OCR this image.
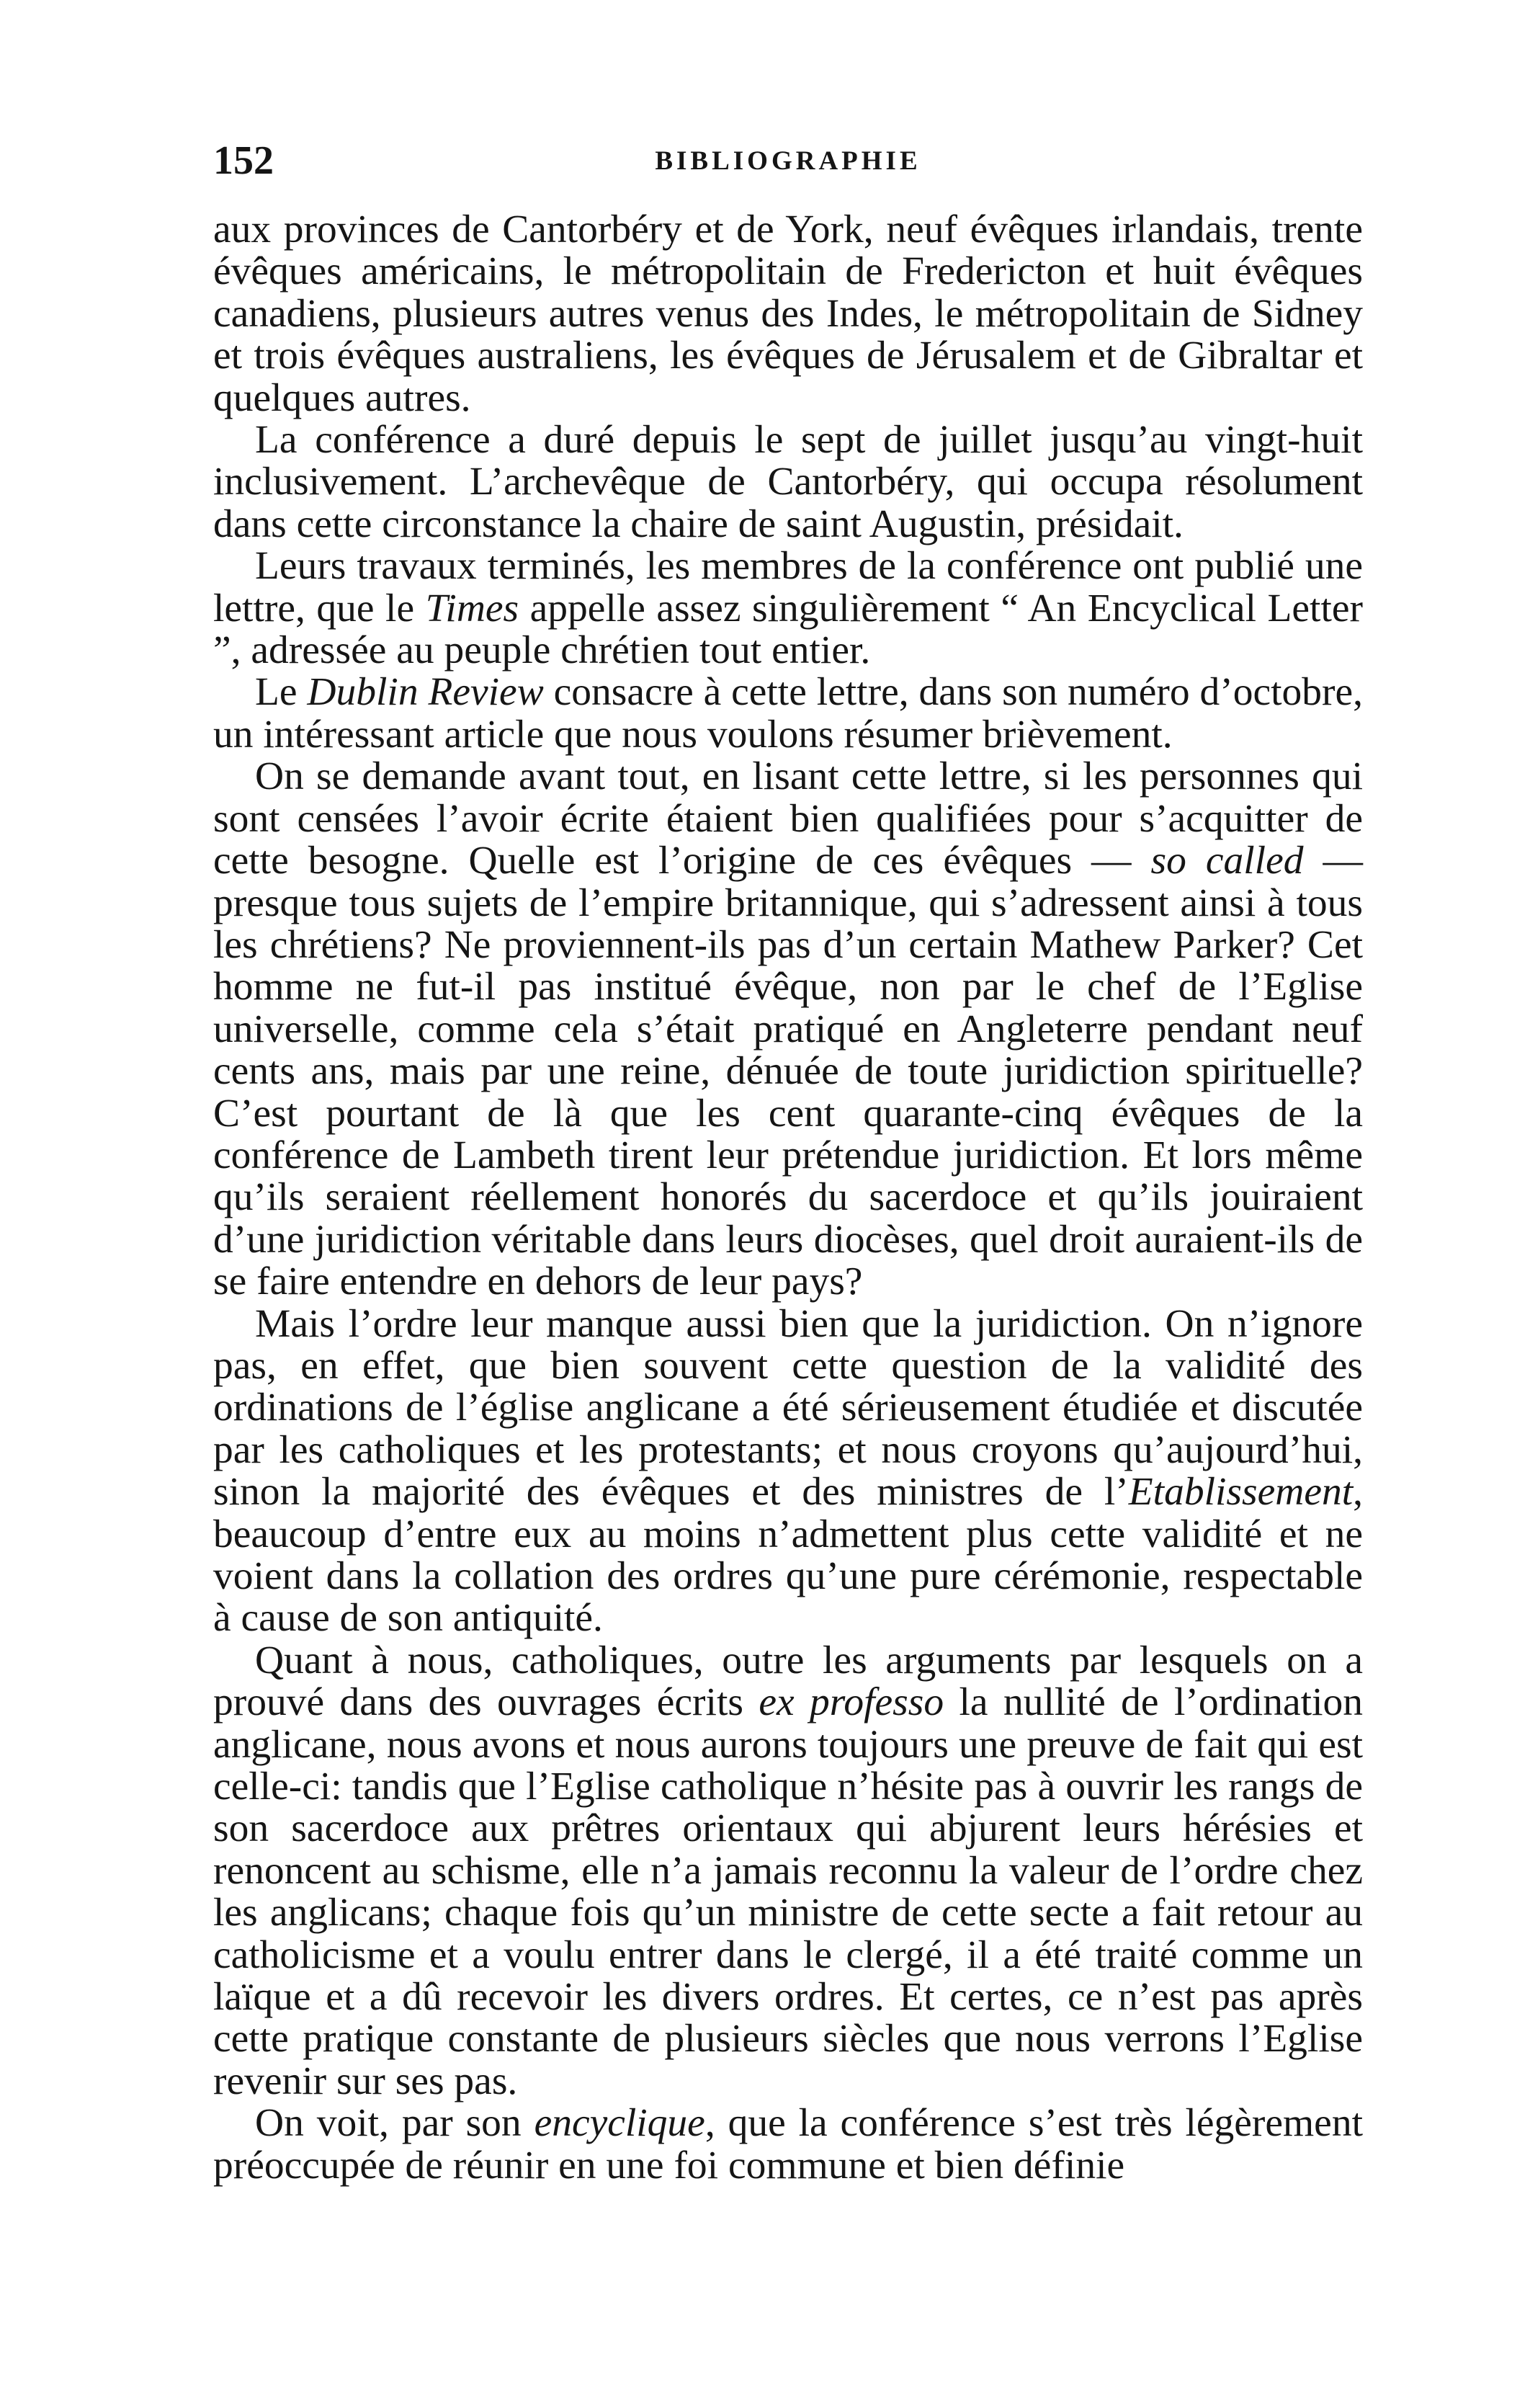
152	BIBLIOGRAPHIE

aux provinces de Cantorbéry et de York, neuf évêques irlandais, trente évêques américains, le métropolitain de Fredericton et huit évêques canadiens, plusieurs autres venus des Indes, le métropolitain de Sidney et trois évêques australiens, les évêques de Jérusalem et de Gibraltar et quelques autres.

La conférence a duré depuis le sept de juillet jusqu’au vingt-huit inclusivement. L’archevêque de Cantorbéry, qui occupa résolument dans cette circonstance la chaire de saint Augustin, présidait.

Leurs travaux terminés, les membres de la conférence ont publié une lettre, que le Times appelle assez singulièrement “ An Encyclical Letter ”, adressée au peuple chrétien tout entier.

Le Dublin Review consacre à cette lettre, dans son numéro d’octobre, un intéressant article que nous voulons résumer brièvement.

On se demande avant tout, en lisant cette lettre, si les personnes qui sont censées l’avoir écrite étaient bien qualifiées pour s’acquitter de cette besogne. Quelle est l’origine de ces évêques — so called — presque tous sujets de l’empire britannique, qui s’adressent ainsi à tous les chrétiens? Ne proviennent-ils pas d’un certain Mathew Parker? Cet homme ne fut-il pas institué évêque, non par le chef de l’Eglise universelle, comme cela s’était pratiqué en Angleterre pendant neuf cents ans, mais par une reine, dénuée de toute juridiction spirituelle? C’est pourtant de là que les cent quarante-cinq évêques de la conférence de Lambeth tirent leur prétendue juridiction. Et lors même qu’ils seraient réellement honorés du sacerdoce et qu’ils jouiraient d’une juridiction véritable dans leurs diocèses, quel droit auraient-ils de se faire entendre en dehors de leur pays?

Mais l’ordre leur manque aussi bien que la juridiction. On n’ignore pas, en effet, que bien souvent cette question de la validité des ordinations de l’église anglicane a été sérieusement étudiée et discutée par les catholiques et les protestants; et nous croyons qu’aujourd’hui, sinon la majorité des évêques et des ministres de l’Etablissement, beaucoup d’entre eux au moins n’admettent plus cette validité et ne voient dans la collation des ordres qu’une pure cérémonie, respectable à cause de son antiquité.

Quant à nous, catholiques, outre les arguments par lesquels on a prouvé dans des ouvrages écrits ex professo la nullité de l’ordination anglicane, nous avons et nous aurons toujours une preuve de fait qui est celle-ci: tandis que l’Eglise catholique n’hésite pas à ouvrir les rangs de son sacerdoce aux prêtres orientaux qui abjurent leurs hérésies et renoncent au schisme, elle n’a jamais reconnu la valeur de l’ordre chez les anglicans; chaque fois qu’un ministre de cette secte a fait retour au catholicisme et a voulu entrer dans le clergé, il a été traité comme un laïque et a dû recevoir les divers ordres. Et certes, ce n’est pas après cette pratique constante de plusieurs siècles que nous verrons l’Eglise revenir sur ses pas.

On voit, par son encyclique, que la conférence s’est très légèrement préoccupée de réunir en une foi commune et bien définie
